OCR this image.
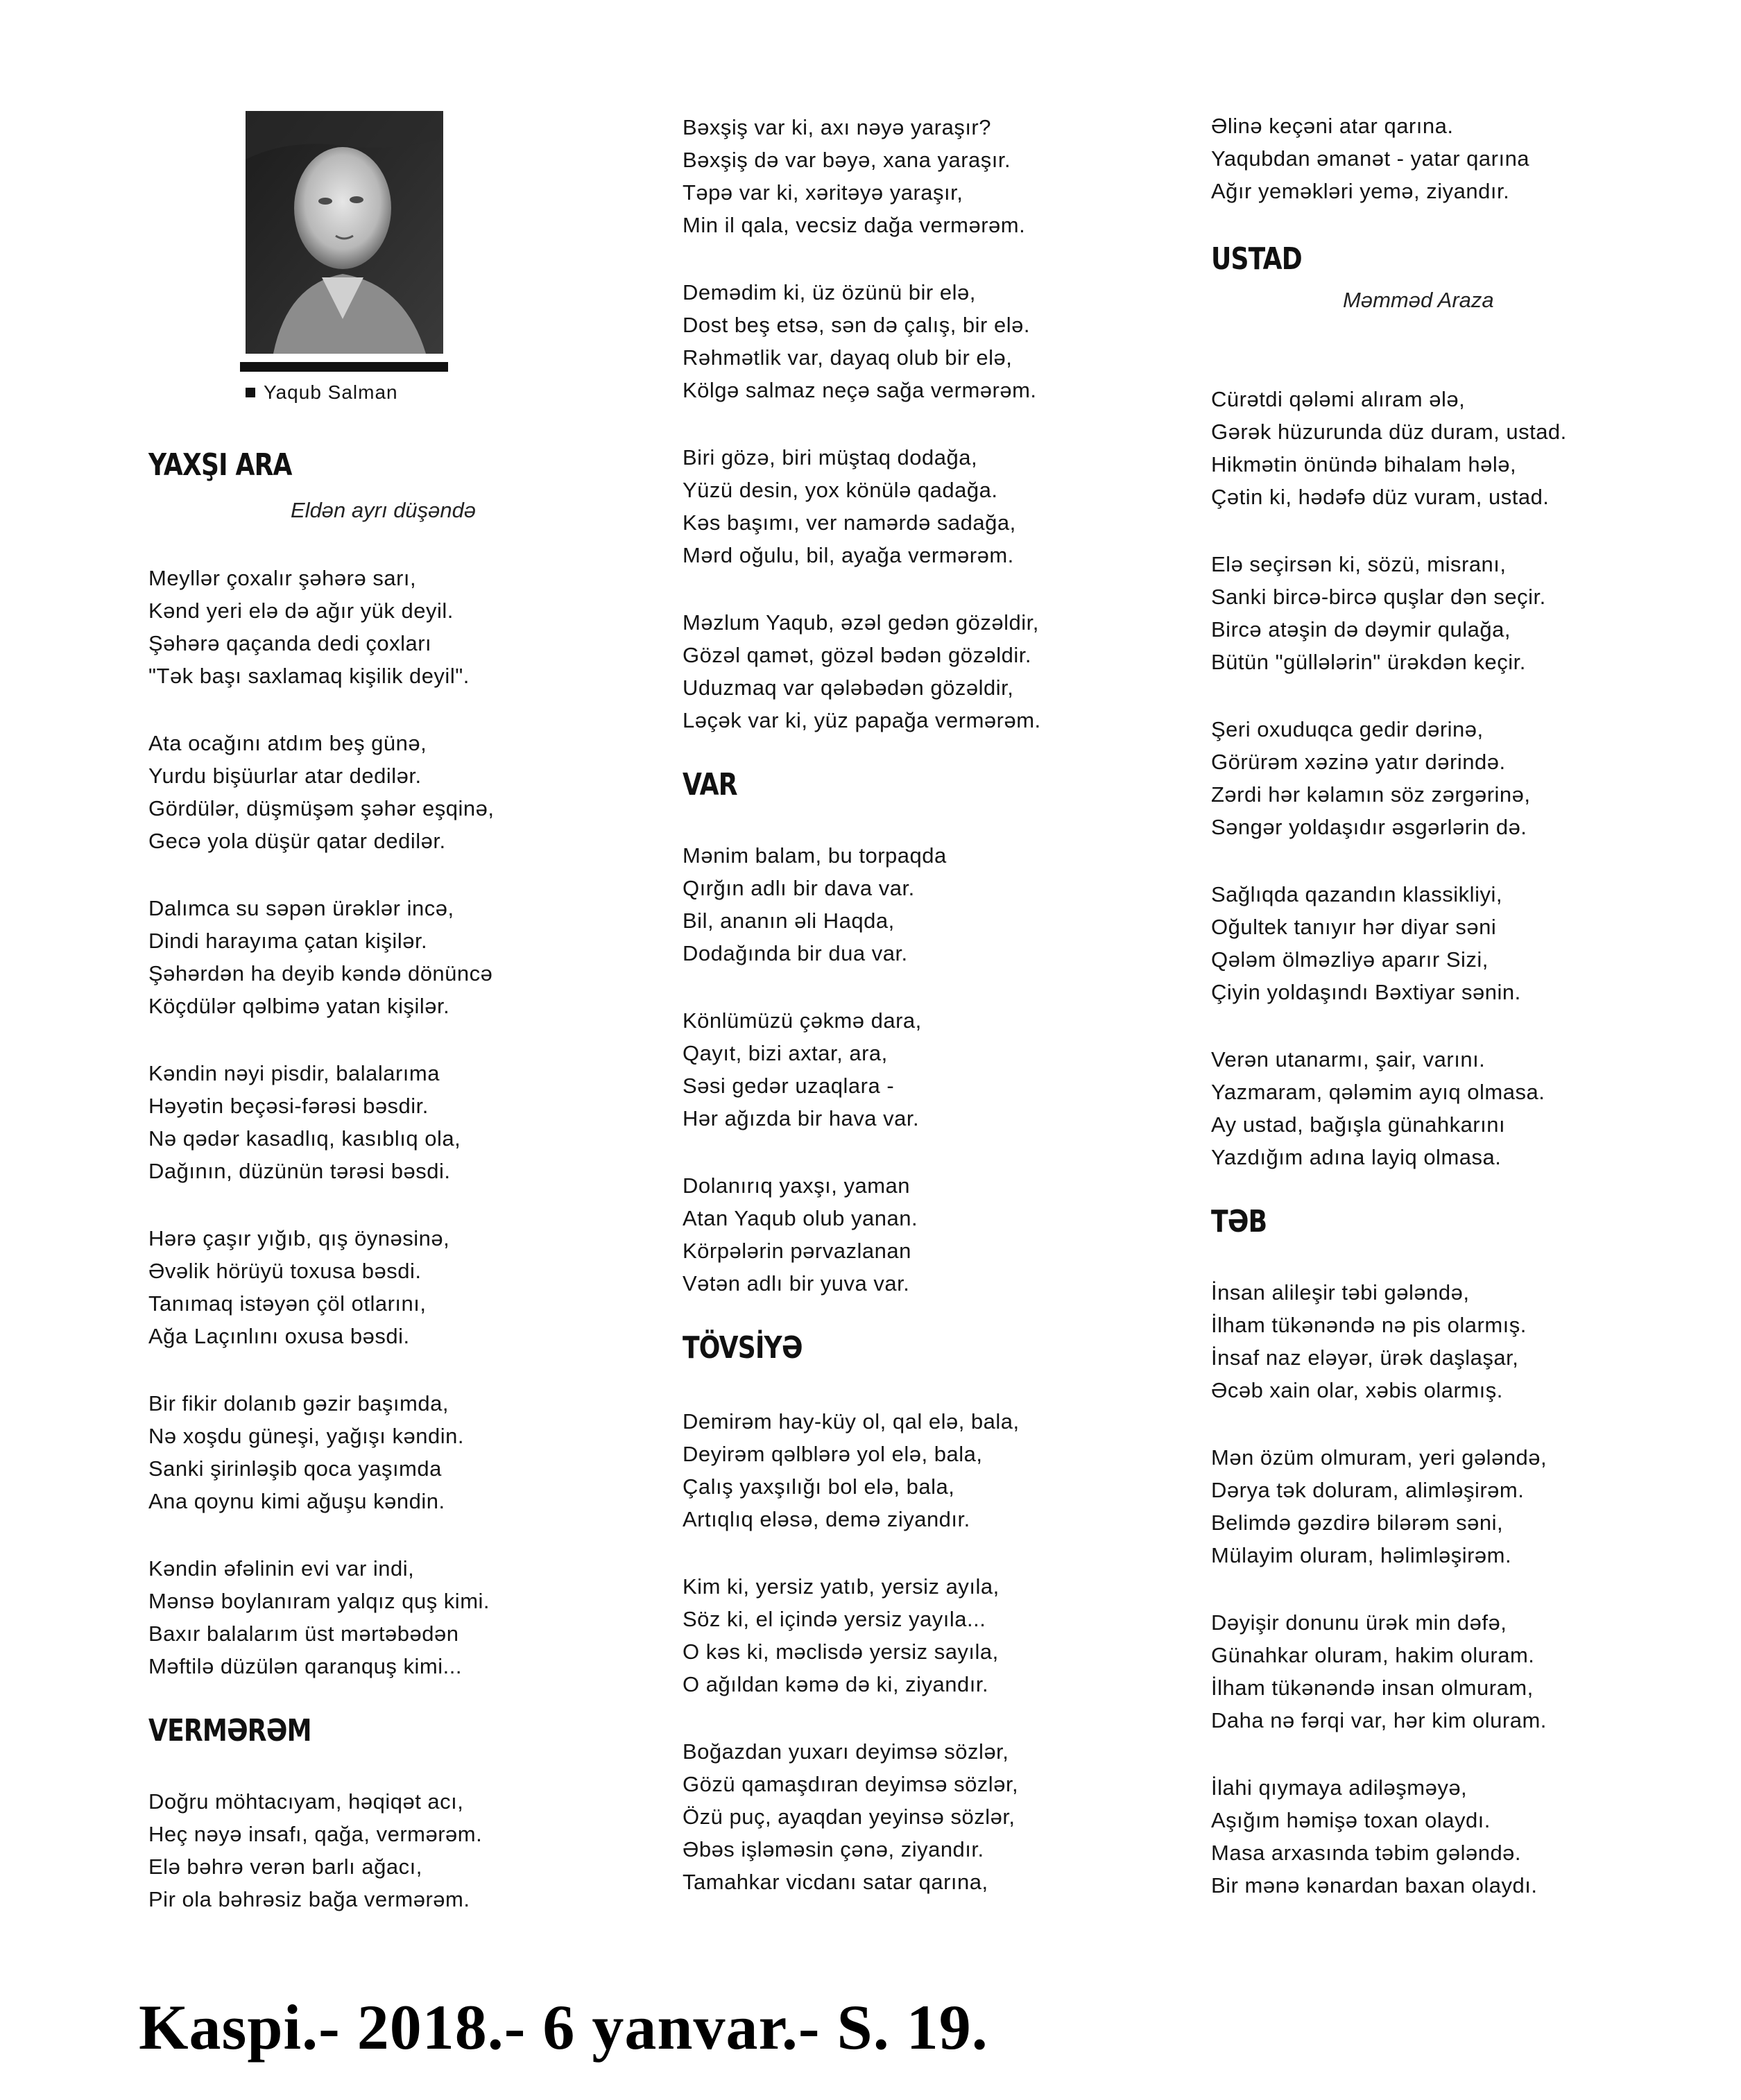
Yaqub Salman
YAXŞI ARA
Eldən ayrı düşəndə
Meyllər çoxalır şəhərə sarı,
Kənd yeri elə də ağır yük deyil.
Şəhərə qaçanda dedi çoxları
"Tək başı saxlamaq kişilik deyil".
Ata ocağını atdım beş günə,
Yurdu bişüurlar atar dedilər.
Gördülər, düşmüşəm şəhər eşqinə,
Gecə yola düşür qatar dedilər.
Dalımca su səpən ürəklər incə,
Dindi harayıma çatan kişilər.
Şəhərdən ha deyib kəndə dönüncə
Köçdülər qəlbimə yatan kişilər.
Kəndin nəyi pisdir, balalarıma
Həyətin beçəsi-fərəsi bəsdir.
Nə qədər kasadlıq, kasıblıq ola,
Dağının, düzünün tərəsi bəsdi.
Hərə çaşır yığıb, qış öynəsinə,
Əvəlik hörüyü toxusa bəsdi.
Tanımaq istəyən çöl otlarını,
Ağa Laçınlını oxusa bəsdi.
Bir fikir dolanıb gəzir başımda,
Nə xoşdu güneşi, yağışı kəndin.
Sanki şirinləşib qoca yaşımda
Ana qoynu kimi ağuşu kəndin.
Kəndin əfəlinin evi var indi,
Mənsə boylanıram yalqız quş kimi.
Baxır balalarım üst mərtəbədən
Məftilə düzülən qaranquş kimi...
VERMƏRƏM
Doğru möhtacıyam, həqiqət acı,
Heç nəyə insafı, qağa, vermərəm.
Elə bəhrə verən barlı ağacı,
Pir ola bəhrəsiz bağa vermərəm.
Bəxşiş var ki, axı nəyə yaraşır?
Bəxşiş də var bəyə, xana yaraşır.
Təpə var ki, xəritəyə yaraşır,
Min il qala, vecsiz dağa vermərəm.
Demədim ki, üz özünü bir elə,
Dost beş etsə, sən də çalış, bir elə.
Rəhmətlik var, dayaq olub bir elə,
Kölgə salmaz neçə sağa vermərəm.
Biri gözə, biri müştaq dodağa,
Yüzü desin, yox könülə qadağa.
Kəs başımı, ver namərdə sadağa,
Mərd oğulu, bil, ayağa vermərəm.
Məzlum Yaqub, əzəl gedən gözəldir,
Gözəl qamət, gözəl bədən gözəldir.
Uduzmaq var qələbədən gözəldir,
Ləçək var ki, yüz papağa vermərəm.
VAR
Mənim balam, bu torpaqda
Qırğın adlı bir dava var.
Bil, ananın əli Haqda,
Dodağında bir dua var.
Könlümüzü çəkmə dara,
Qayıt, bizi axtar, ara,
Səsi gedər uzaqlara -
Hər ağızda bir hava var.
Dolanırıq yaxşı, yaman
Atan Yaqub olub yanan.
Körpələrin pərvazlanan
Vətən adlı bir yuva var.
TÖVSİYƏ
Demirəm hay-küy ol, qal elə, bala,
Deyirəm qəlblərə yol elə, bala,
Çalış yaxşılığı bol elə, bala,
Artıqlıq eləsə, demə ziyandır.
Kim ki, yersiz yatıb, yersiz ayıla,
Söz ki, el içində yersiz yayıla...
O kəs ki, məclisdə yersiz sayıla,
O ağıldan kəmə də ki, ziyandır.
Boğazdan yuxarı deyimsə sözlər,
Gözü qamaşdıran deyimsə sözlər,
Özü puç, ayaqdan yeyinsə sözlər,
Əbəs işləməsin çənə, ziyandır.
Tamahkar vicdanı satar qarına,
Əlinə keçəni atar qarına.
Yaqubdan əmanət - yatar qarına
Ağır yeməkləri yemə, ziyandır.
USTAD
Məmməd Araza
Cürətdi qələmi alıram ələ,
Gərək hüzurunda düz duram, ustad.
Hikmətin önündə bihalam hələ,
Çətin ki, hədəfə düz vuram, ustad.
Elə seçirsən ki, sözü, misranı,
Sanki bircə-bircə quşlar dən seçir.
Bircə atəşin də dəymir qulağa,
Bütün "güllələrin" ürəkdən keçir.
Şeri oxuduqca gedir dərinə,
Görürəm xəzinə yatır dərində.
Zərdi hər kəlamın söz zərgərinə,
Səngər yoldaşıdır əsgərlərin də.
Sağlıqda qazandın klassikliyi,
Oğultek tanıyır hər diyar səni
Qələm ölməzliyə aparır Sizi,
Çiyin yoldaşındı Bəxtiyar sənin.
Verən utanarmı, şair, varını.
Yazmaram, qələmim ayıq olmasa.
Ay ustad, bağışla günahkarını
Yazdığım adına layiq olmasa.
TƏB
İnsan alileşir təbi gələndə,
İlham tükənəndə nə pis olarmış.
İnsaf naz eləyər, ürək daşlaşar,
Əcəb xain olar, xəbis olarmış.
Mən özüm olmuram, yeri gələndə,
Dərya tək doluram, alimləşirəm.
Belimdə gəzdirə bilərəm səni,
Mülayim oluram, həlimləşirəm.
Dəyişir donunu ürək min dəfə,
Günahkar oluram, hakim oluram.
İlham tükənəndə insan olmuram,
Daha nə fərqi var, hər kim oluram.
İlahi qıymaya adiləşməyə,
Aşığım həmişə toxan olaydı.
Masa arxasında təbim gələndə.
Bir mənə kənardan baxan olaydı.
Kaspi.- 2018.- 6 yanvar.- S. 19.
